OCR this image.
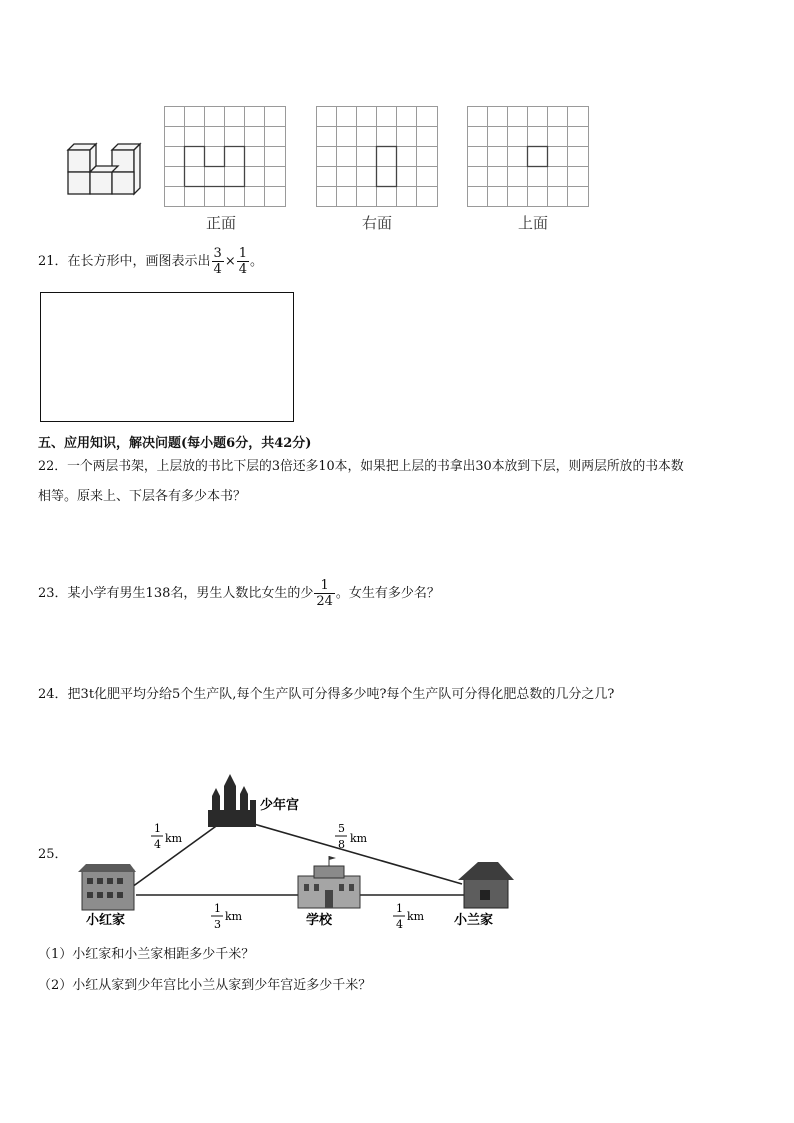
正面	右面	上面
21．在长方形中，画图表示出 $\frac{3}{4} \times \frac{1}{4}$ 。
五、应用知识，解决问题(每小题6分，共42分)
22．一个两层书架，上层放的书比下层的3倍还多10本，如果把上层的书拿出30本放到下层，则两层所放的书本数
相等。原来上、下层各有多少本书？
23．某小学有男生138名，男生人数比女生的少 $\frac{1}{24}$ 。女生有多少名？
24．把3t化肥平均分给5个生产队,每个生产队可分得多少吨?每个生产队可分得化肥总数的几分之几?
25．
少年宫
小红家	学校	小兰家
1
4 km
5
8 km
1
3
km
1
4
km
（1）小红家和小兰家相距多少千米？
（2）小红从家到少年宫比小兰从家到少年宫近多少千米？
